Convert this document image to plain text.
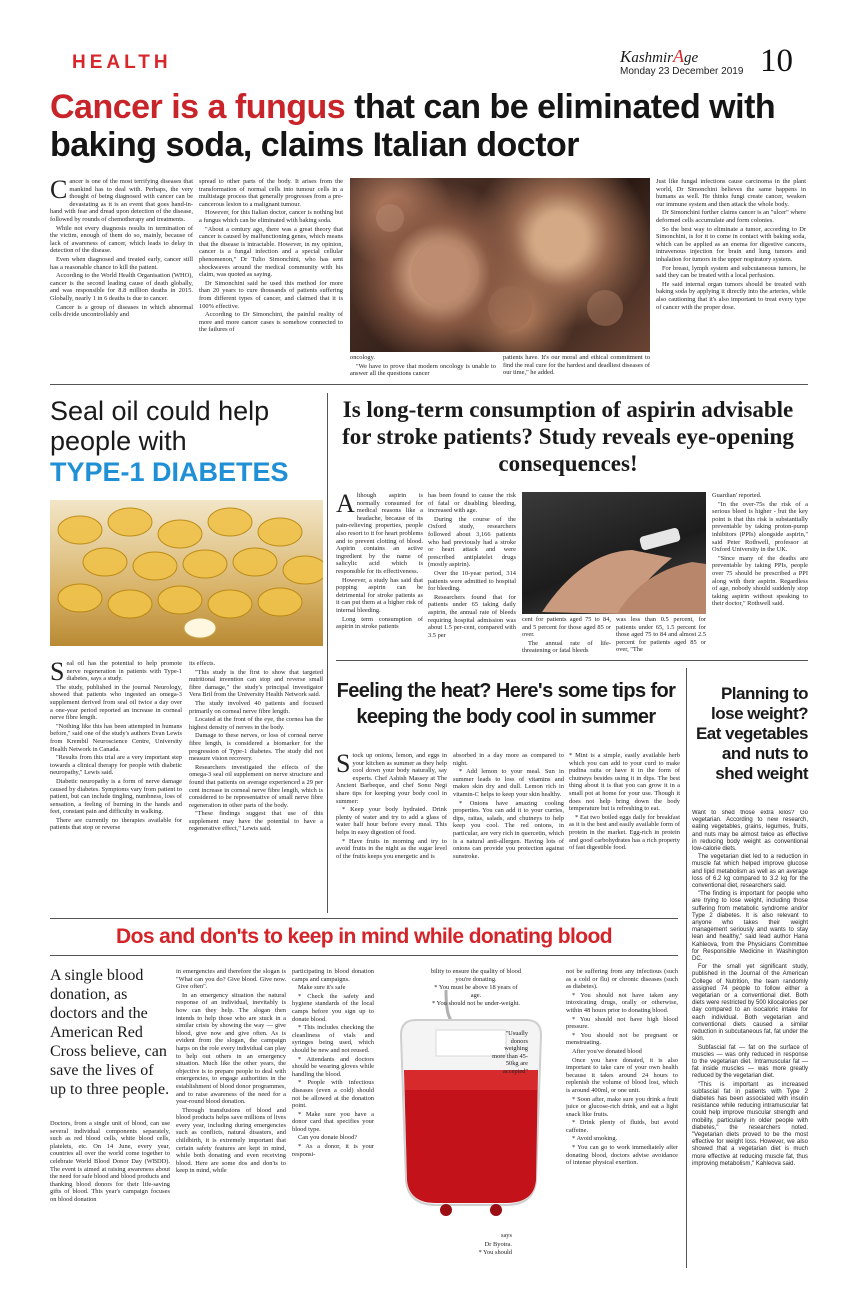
HEALTH	KashmirAge
Monday 23 December 2019 10
Cancer is a fungus that can be eliminated with baking soda, claims Italian doctor

Cancer is one of the most terrifying diseases that mankind has to deal with. Perhaps, the very thought of being diagnosed with cancer can be devastating as it is an event that goes hand-in-hand with fear and dread upon detection of the disease, followed by rounds of chemotherapy and treatments.

While not every diagnosis results in termination of the victim, enough of them do so, mainly, because of lack of awareness of cancer, which leads to delay in detection of the disease.

Even when diagnosed and treated early, cancer still has a reasonable chance to kill the patient.

According to the World Health Organisation (WHO), cancer is the second leading cause of death globally, and was responsible for 8.8 million deaths in 2015. Globally, nearly 1 in 6 deaths is due to cancer.

Cancer is a group of diseases in which abnormal cells divide uncontrollably and

spread to other parts of the body. It arises from the transformation of normal cells into tumour cells in a multistage process that generally progresses from a pre-cancerous lesion to a malignant tumour.

However, for this Italian doctor, cancer is nothing but a fungus which can be eliminated with baking soda.

"About a century ago, there was a great theory that cancer is caused by malfunctioning genes, which means that the disease is intractable. However, in my opinion, cancer is a fungal infection and a special cellular phenomenon," Dr Tulio Simonchini, who has sent shockwaves around the medical community with his claim, was quoted as saying.

Dr Simonchini said he used this method for more than 20 years to cure thousands of patients suffering from different types of cancer, and claimed that it is 100% effective.

According to Dr Simonchini, the painful reality of more and more cancer cases is somehow connected to the failures of

oncology.

"We have to prove that modern oncology is unable to answer all the questions cancer

patients have. It's our moral and ethical commitment to find the real cure for the hardest and deadliest diseases of our time," he added.

Just like fungal infections cause carcinoma in the plant world, Dr Simonchini believes the same happens in humans as well. He thinks fungi create cancer, weaken our immune system and then attack the whole body.

Dr Simonchini further claims cancer is an "ulcer" where deformed cells accumulate and form colonies.

So the best way to eliminate a tumor, according to Dr Simonchini, is for it to come in contact with baking soda, which can be applied as an enema for digestive cancers, intravenous injection for brain and lung tumors and inhalation for tumors in the upper respiratory system.

For breast, lymph system and subcutaneous tumors, he said they can be treated with a local perfusion.

He said internal organ tumors should be treated with baking soda by applying it directly into the arteries, while also cautioning that it's also important to treat every type of cancer with the proper dose.

Seal oil could help
people with
TYPE-1 DIABETES

Seal oil has the potential to help promote nerve regeneration in patients with Type-1 diabetes, says a study.

The study, published in the journal Neurology, showed that patients who ingested an omega-3 supplement derived from seal oil twice a day over a one-year period reported an increase in corneal nerve fibre length.

"Nothing like this has been attempted in humans before," said one of the study's authors Evan Lewis from Krembil Neuroscience Centre, University Health Network in Canada.

"Results from this trial are a very important step towards a clinical therapy for people with diabetic neuropathy," Lewis said.

Diabetic neuropathy is a form of nerve damage caused by diabetes. Symptoms vary from patient to patient, but can include tingling, numbness, loss of sensation, a feeling of burning in the hands and feet, constant pain and difficulty in walking.

There are currently no therapies available for patients that stop or reverse

its effects.

"This study is the first to show that targeted nutritional invention can stop and reverse small fibre damage," the study's principal investigator Vera Bril from the University Health Network said.

The study involved 40 patients and focused primarily on corneal nerve fibre length.

Located at the front of the eye, the cornea has the highest density of nerves in the body.

Damage to these nerves, or loss of corneal nerve fibre length, is considered a biomarker for the progression of Type-1 diabetes. The study did not measure vision recovery.

Researchers investigated the effects of the omega-3 seal oil supplement on nerve structure and found that patients on average experienced a 29 per cent increase in corneal nerve fibre length, which is considered to be representative of small nerve fibre regeneration in other parts of the body.

"These findings suggest that use of this supplement may have the potential to have a regenerative effect," Lewis said.

Is long-term consumption of aspirin advisable for stroke patients? Study reveals eye-opening consequences!

Although aspirin is normally consumed for medical reasons like a headache, because of its pain-relieving properties, people also resort to it for heart problems and to prevent clotting of blood. Aspirin contains an active ingredient by the name of salicylic acid which is responsible for its effectiveness.

However, a study has said that popping aspirin can be detrimental for stroke patients as it can put them at a higher risk of internal bleeding.

Long term consumption of aspirin in stroke patients

has been found to cause the risk of fatal or disabling bleeding, increased with age.

During the course of the Oxford study, researchers followed about 3,166 patients who had previously had a stroke or heart attack and were prescribed antiplatelet drugs (mostly aspirin).

Over the 10-year period, 314 patients were admitted to hospital for bleeding.

Researchers found that for patients under 65 taking daily aspirin, the annual rate of bleeds requiring hospital admission was about 1.5 per-cent, compared with 3.5 per

cent for patients aged 75 to 84, and 5 percent for those aged 85 or over.

The annual rate of life-threatening or fatal bleeds

was less than 0.5 percent, for patients under 65, 1.5 percent for those aged 75 to 84 and almost 2.5 percent for patients aged 85 or over, "The

Guardian' reported.

"In the over-75s the risk of a serious bleed is higher - but the key point is that this risk is substantially preventable by taking proton-pump inhibitors (PPIs) alongside aspirin," said Peter Rothwell, professor at Oxford University in the UK.

"Since many of the deaths are preventable by taking PPIs, people over 75 should be prescribed a PPI along with their aspirin. Regardless of age, nobody should suddenly stop taking aspirin without speaking to their doctor," Rothwell said.

Feeling the heat? Here's some tips for keeping the body cool in summer

Stock up onions, lemon, and eggs in your kitchen as summer as they help cool down your body naturally, say experts. Chef Ashish Massey at The Ancient Barbeque, and chef Sonu Negi share tips for keeping your body cool in summer:

* Keep your body hydrated. Drink plenty of water and try to add a glass of water half hour before every meal. This helps in easy digestion of food.

* Have fruits in morning and try to avoid fruits in the night as the sugar level of the fruits keeps you energetic and is

absorbed in a day more as compared to night.

* Add lemon to your meal. Sun in summer leads to loss of vitamins and makes skin dry and dull. Lemon rich in vitamin-C helps to keep your skin healthy.

* Onions have amazing cooling properties. You can add it to your curries, dips, raitas, salads, and chutneys to help keep you cool. The red onions, in particular, are very rich in quercetin, which is a natural anti-allergen. Having lots of onions can provide you protection against sunstroke.

* Mint is a simple, easily available herb which you can add to your curd to make pudina raita or have it in the form of chutneys besides using it in dips. The best thing about it is that you can grow it in a small pot at home for your use. Though it does not help bring down the body temperature but is refreshing to eat.

* Eat two boiled eggs daily for breakfast as it is the best and easily available form of protein in the market. Egg-rich in protein and good carbohydrates has a rich property of fast digestible food.

Planning to
lose weight?
Eat vegetables
and nuts to
shed weight

Want to shed those extra kilos? Go vegetarian. According to new research, eating vegetables, grains, legumes, fruits, and nuts may be almost twice as effective in reducing body weight as conventional low-calorie diets.

The vegetarian diet led to a reduction in muscle fat which helped improve glucose and lipid metabolism as well as an average loss of 6.2 kg compared to 3.2 kg for the conventional diet, researchers said.

"The finding is important for people who are trying to lose weight, including those suffering from metabolic syndrome and/or Type 2 diabetes. It is also relevant to anyone who takes their weight management seriously and wants to stay lean and healthy," said lead author Hana Kahleova, from the Physicians Committee for Responsible Medicine in Washington DC.

For the small yet significant study, published in the Journal of the American College of Nutrition, the team randomly assigned 74 people to follow either a vegetarian or a conventional diet. Both diets were restricted by 500 kilocalories per day compared to an isocaloric intake for each individual. Both vegetarian and conventional diets caused a similar reduction in subcutaneous fat, fat under the skin.

Subfascial fat — fat on the surface of muscles — was only reduced in response to the vegetarian diet. Intramuscular fat — fat inside muscles — was more greatly reduced by the vegetarian diet.

"This is important as increased subfascial fat in patients with Type 2 diabetes has been associated with insulin resistance while reducing intramuscular fat could help improve muscular strength and mobility, particularly in older people with diabetes," the researchers noted. "Vegetarian diets proved to be the most effective for weight loss. However, we also showed that a vegetarian diet is much more effective at reducing muscle fat, thus improving metabolism," Kahleova said.

Dos and don'ts to keep in mind while donating blood
A single blood donation, as doctors and the American Red Cross believe, can save the lives of up to three people.

Doctors, from a single unit of blood, can use several individual components separately, such as red blood cells, white blood cells, platelets, etc. On 14 June, every year, countries all over the world come together to celebrate World Blood Donor Day (WBDD). The event is aimed at raising awareness about the need for safe blood and blood products and thanking blood donors for their life-saving gifts of blood. This year's campaign focuses on blood donation

in emergencies and therefore the slogan is "What can you do? Give blood. Give now. Give often".

In an emergency situation the natural response of an individual, inevitably is how can they help. The slogan then intends to help those who are stuck in a similar crisis by showing the way — give blood, give now and give often. As is evident from the slogan, the campaign harps on the role every individual can play to help out others in an emergency situation. Much like the other years, the objective is to prepare people to deal with emergencies, to engage authorities in the establishment of blood donor programmes, and to raise awareness of the need for a year-round blood donation.

Through transfusions of blood and blood products helps save millions of lives every year, including during emergencies such as conflicts, natural disasters, and childbirth, it is extremely important that certain safety features are kept in mind, while both donating and even receiving blood. Here are some dos and don'ts to keep in mind, while

participating in blood donation camps and campaigns.

Make sure it's safe

* Check the safety and hygiene standards of the local camps before you sign up to donate blood.

* This includes checking the cleanliness of vials and syringes being used, which should be new and not reused.

* Attendants and doctors should be wearing gloves while handling the blood.

* People with infectious diseases (even a cold) should not be allowed at the donation point.

* Make sure you have a donor card that specifies your blood type.

Can you donate blood?

* As a donor, it is your responsi-

bility to ensure the quality of blood you're donating.

* You must be above 18 years of age.

* You should not be under-weight.

"Usually donors weighing more than 45-50kg are accepted"

says

Dr Byotra.

* You should

not be suffering from any infectious (such as a cold or flu) or chronic diseases (such as diabetes).

* You should not have taken any intoxicating drugs, orally or otherwise, within 48 hours prior to donating blood.

* You should not have high blood pressure.

* You should not be pregnant or menstruating.

After you've donated blood

Once you have donated, it is also important to take care of your own health because it takes around 24 hours to replenish the volume of blood lost, which is around 400ml, or one unit.

* Soon after, make sure you drink a fruit juice or glucose-rich drink, and eat a light snack like fruits.

* Drink plenty of fluids, but avoid caffeine.

* Avoid smoking.

* You can go to work immediately after donating blood, doctors advise avoidance of intense physical exertion.
